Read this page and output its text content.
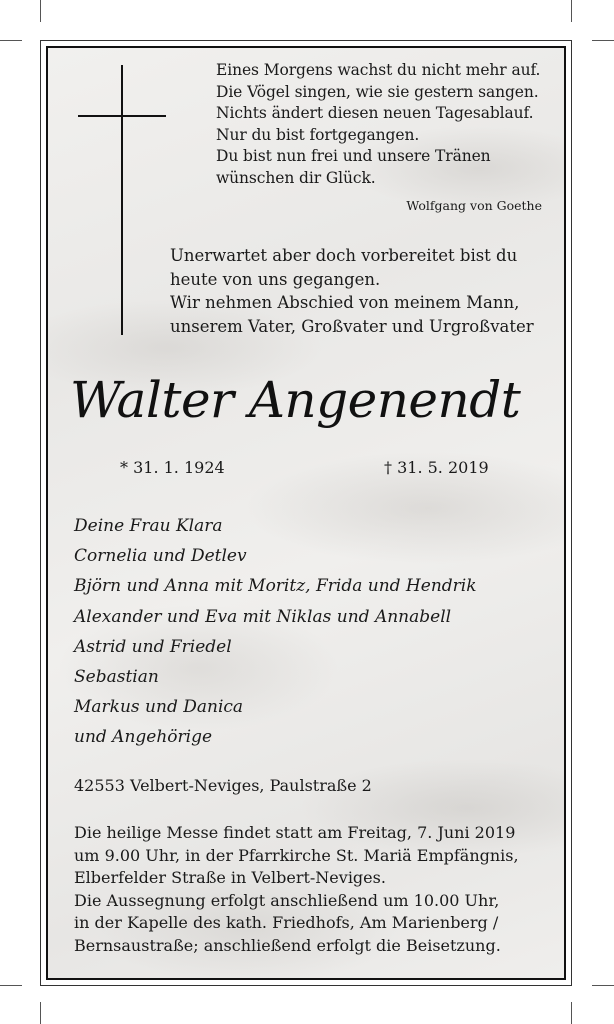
Eines Morgens wachst du nicht mehr auf.
Die Vögel singen, wie sie gestern sangen.
Nichts ändert diesen neuen Tagesablauf.
Nur du bist fortgegangen.
Du bist nun frei und unsere Tränen
wünschen dir Glück.
Wolfgang von Goethe
Unerwartet aber doch vorbereitet bist du
heute von uns gegangen.
Wir nehmen Abschied von meinem Mann,
unserem Vater, Großvater und Urgroßvater
Walter Angenendt
* 31. 1. 1924	† 31. 5. 2019
Deine Frau Klara
Cornelia und Detlev
Björn und Anna mit Moritz, Frida und Hendrik
Alexander und Eva mit Niklas und Annabell
Astrid und Friedel
Sebastian
Markus und Danica
und Angehörige
42553 Velbert-Neviges, Paulstraße 2
Die heilige Messe findet statt am Freitag, 7. Juni 2019
um 9.00 Uhr, in der Pfarrkirche St. Mariä Empfängnis,
Elberfelder Straße in Velbert-Neviges.
Die Aussegnung erfolgt anschließend um 10.00 Uhr,
in der Kapelle des kath. Friedhofs, Am Marienberg /
Bernsaustraße; anschließend erfolgt die Beisetzung.
